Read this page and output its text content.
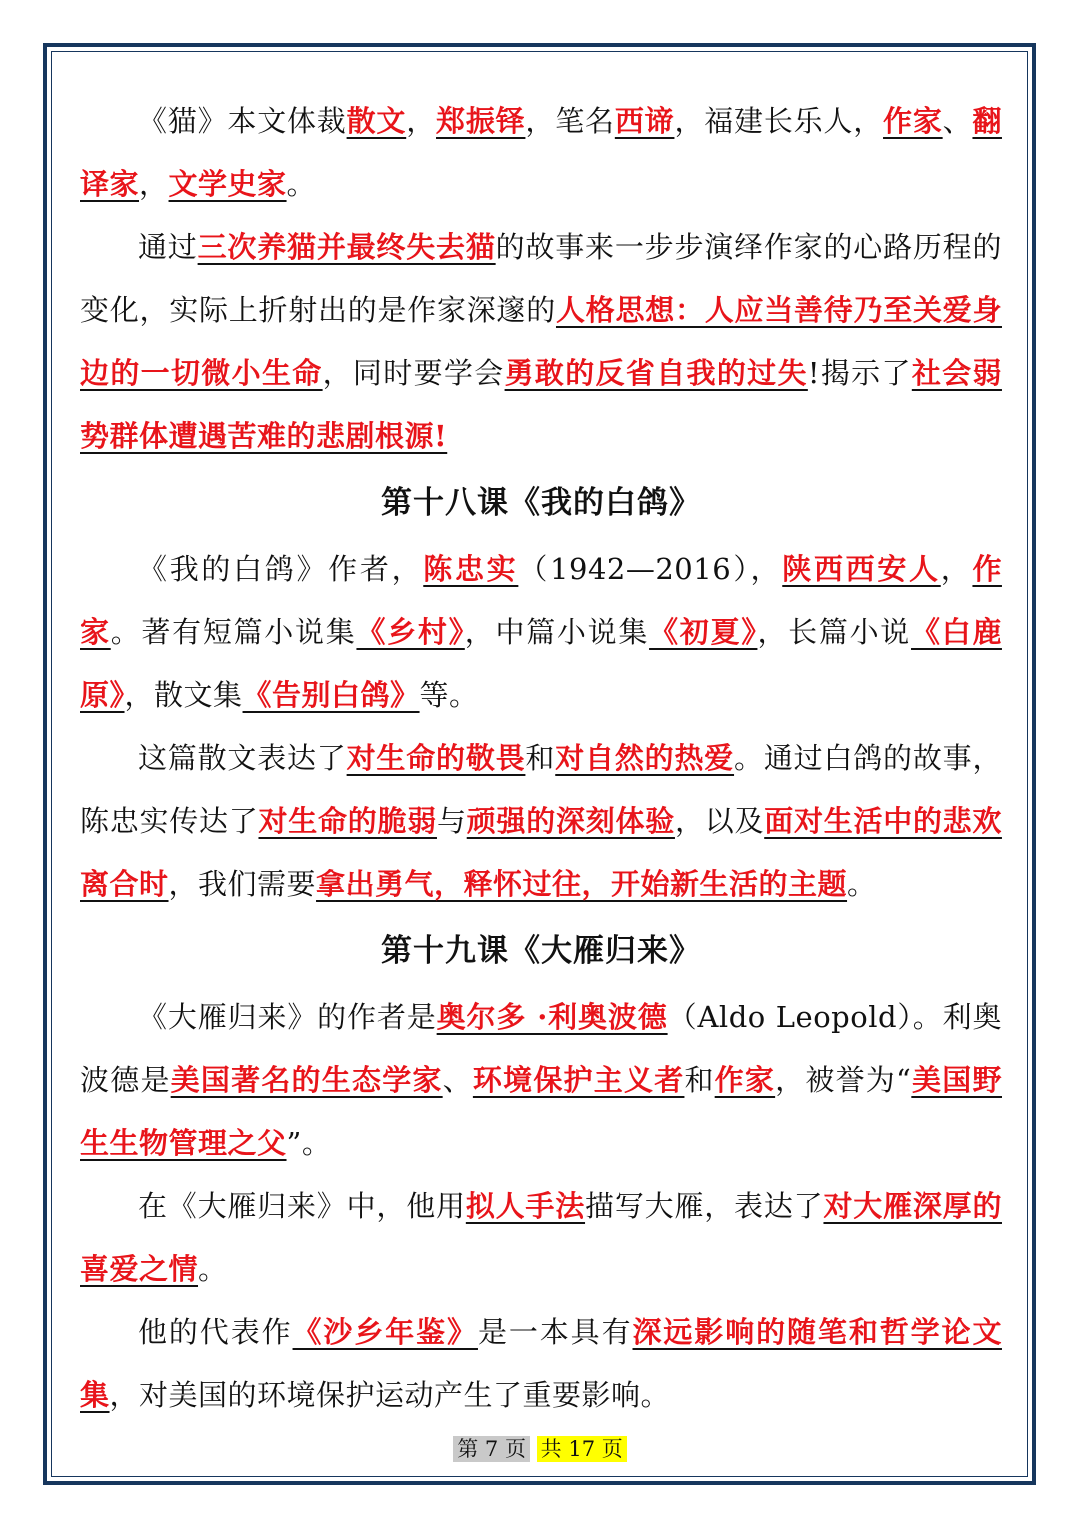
《猫》本文体裁散文，郑振铎，笔名西谛，福建长乐人，作家、翻译家，文学史家。

通过三次养猫并最终失去猫的故事来一步步演绎作家的心路历程的变化，实际上折射出的是作家深邃的人格思想：人应当善待乃至关爱身边的一切微小生命，同时要学会勇敢的反省自我的过失!揭示了社会弱势群体遭遇苦难的悲剧根源!

第十八课《我的白鸽》

《我的白鸽》作者，陈忠实（1942—2016），陕西西安人，作家。著有短篇小说集《乡村》，中篇小说集《初夏》，长篇小说《白鹿原》，散文集《告别白鸽》等。

这篇散文表达了对生命的敬畏和对自然的热爱。通过白鸽的故事，陈忠实传达了对生命的脆弱与顽强的深刻体验，以及面对生活中的悲欢离合时，我们需要拿出勇气，释怀过往，开始新生活的主题。

第十九课《大雁归来》

《大雁归来》的作者是奥尔多 ·利奥波德（Aldo Leopold）。利奥波德是美国著名的生态学家、环境保护主义者和作家，被誉为“美国野生生物管理之父”。

在《大雁归来》中，他用拟人手法描写大雁，表达了对大雁深厚的喜爱之情。

他的代表作《沙乡年鉴》是一本具有深远影响的随笔和哲学论文集，对美国的环境保护运动产生了重要影响。

第 7 页 共 17 页
